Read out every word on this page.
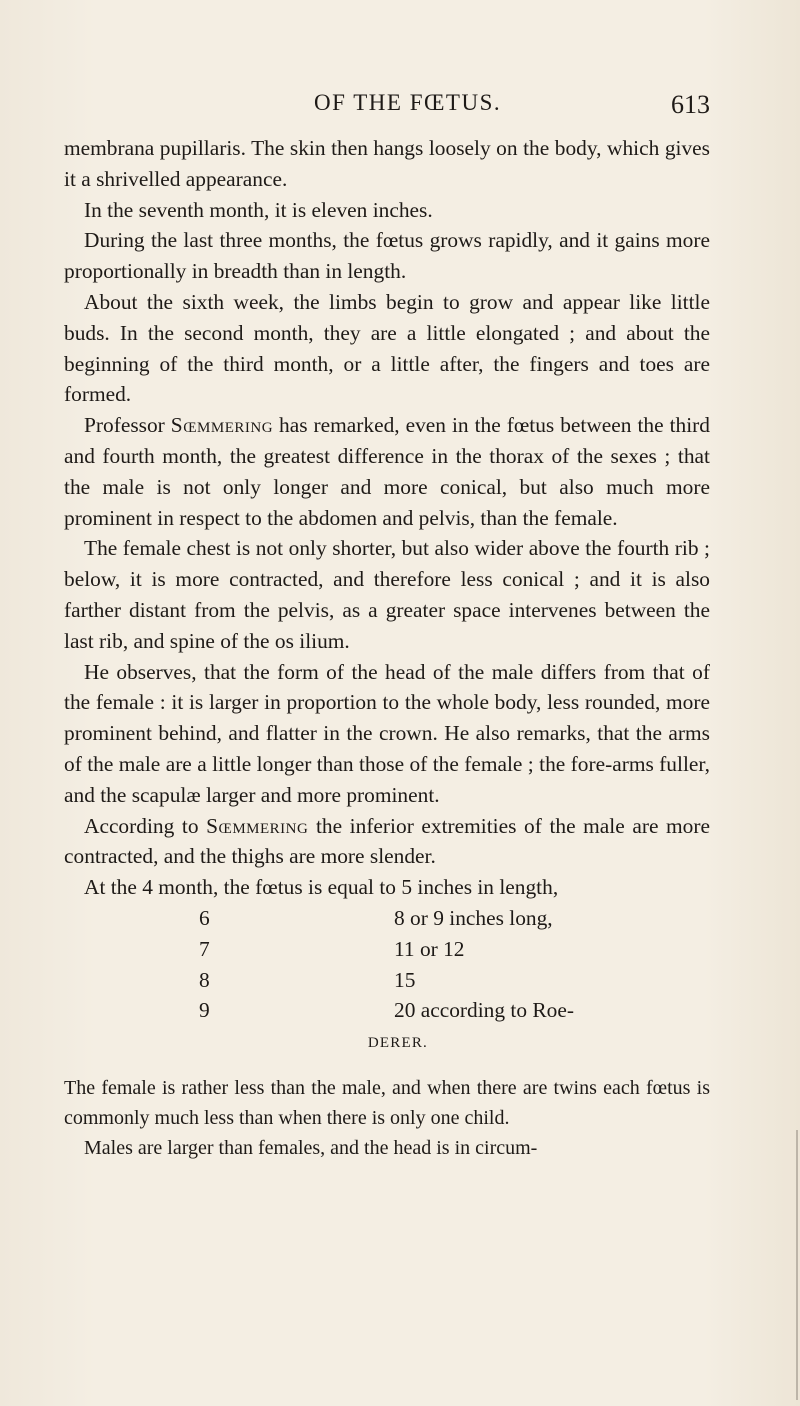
OF THE FŒTUS.	613

membrana pupillaris. The skin then hangs loosely on the body, which gives it a shrivelled appearance.

In the seventh month, it is eleven inches.

During the last three months, the fœtus grows rapidly, and it gains more proportionally in breadth than in length.

About the sixth week, the limbs begin to grow and appear like little buds. In the second month, they are a little elongated ; and about the beginning of the third month, or a little after, the fingers and toes are formed.

Professor Sœmmering has remarked, even in the fœtus between the third and fourth month, the greatest difference in the thorax of the sexes ; that the male is not only longer and more conical, but also much more prominent in respect to the abdomen and pelvis, than the female.

The female chest is not only shorter, but also wider above the fourth rib ; below, it is more contracted, and therefore less conical ; and it is also farther distant from the pelvis, as a greater space intervenes between the last rib, and spine of the os ilium.

He observes, that the form of the head of the male differs from that of the female : it is larger in proportion to the whole body, less rounded, more prominent behind, and flatter in the crown. He also remarks, that the arms of the male are a little longer than those of the female ; the fore-arms fuller, and the scapulæ larger and more prominent.

According to Sœmmering the inferior extremities of the male are more contracted, and the thighs are more slender.

At the 4 month, the fœtus is equal to 5 inches in length,
6	8 or 9 inches long,
7	11 or 12
8	15
9	20 according to Roe-
DERER.

The female is rather less than the male, and when there are twins each fœtus is commonly much less than when there is only one child.

Males are larger than females, and the head is in circum-
